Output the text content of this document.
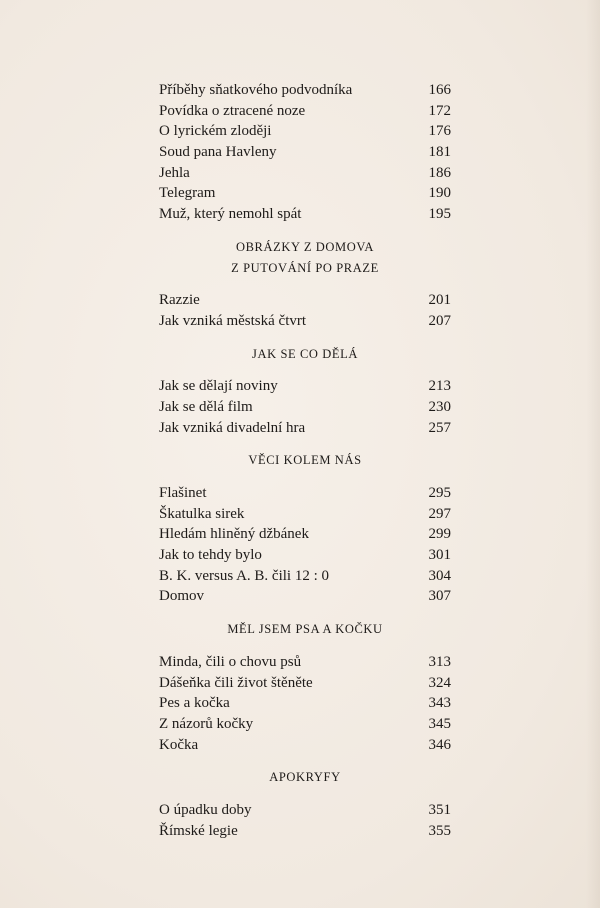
Příběhy sňatkového podvodníka	166
Povídka o ztracené noze	172
O lyrickém zloději	176
Soud pana Havleny	181
Jehla	186
Telegram	190
Muž, který nemohl spát	195
OBRÁZKY Z DOMOVA
Z PUTOVÁNÍ PO PRAZE
Razzie	201
Jak vzniká městská čtvrt	207
JAK SE CO DĚLÁ
Jak se dělají noviny	213
Jak se dělá film	230
Jak vzniká divadelní hra	257
VĚCI KOLEM NÁS
Flašinet	295
Škatulka sirek	297
Hledám hliněný džbánek	299
Jak to tehdy bylo	301
B. K. versus A. B. čili 12 : 0	304
Domov	307
MĚL JSEM PSA A KOČKU
Minda, čili o chovu psů	313
Dášeňka čili život štěněte	324
Pes a kočka	343
Z názorů kočky	345
Kočka	346
APOKRYFY
O úpadku doby	351
Římské legie	355
